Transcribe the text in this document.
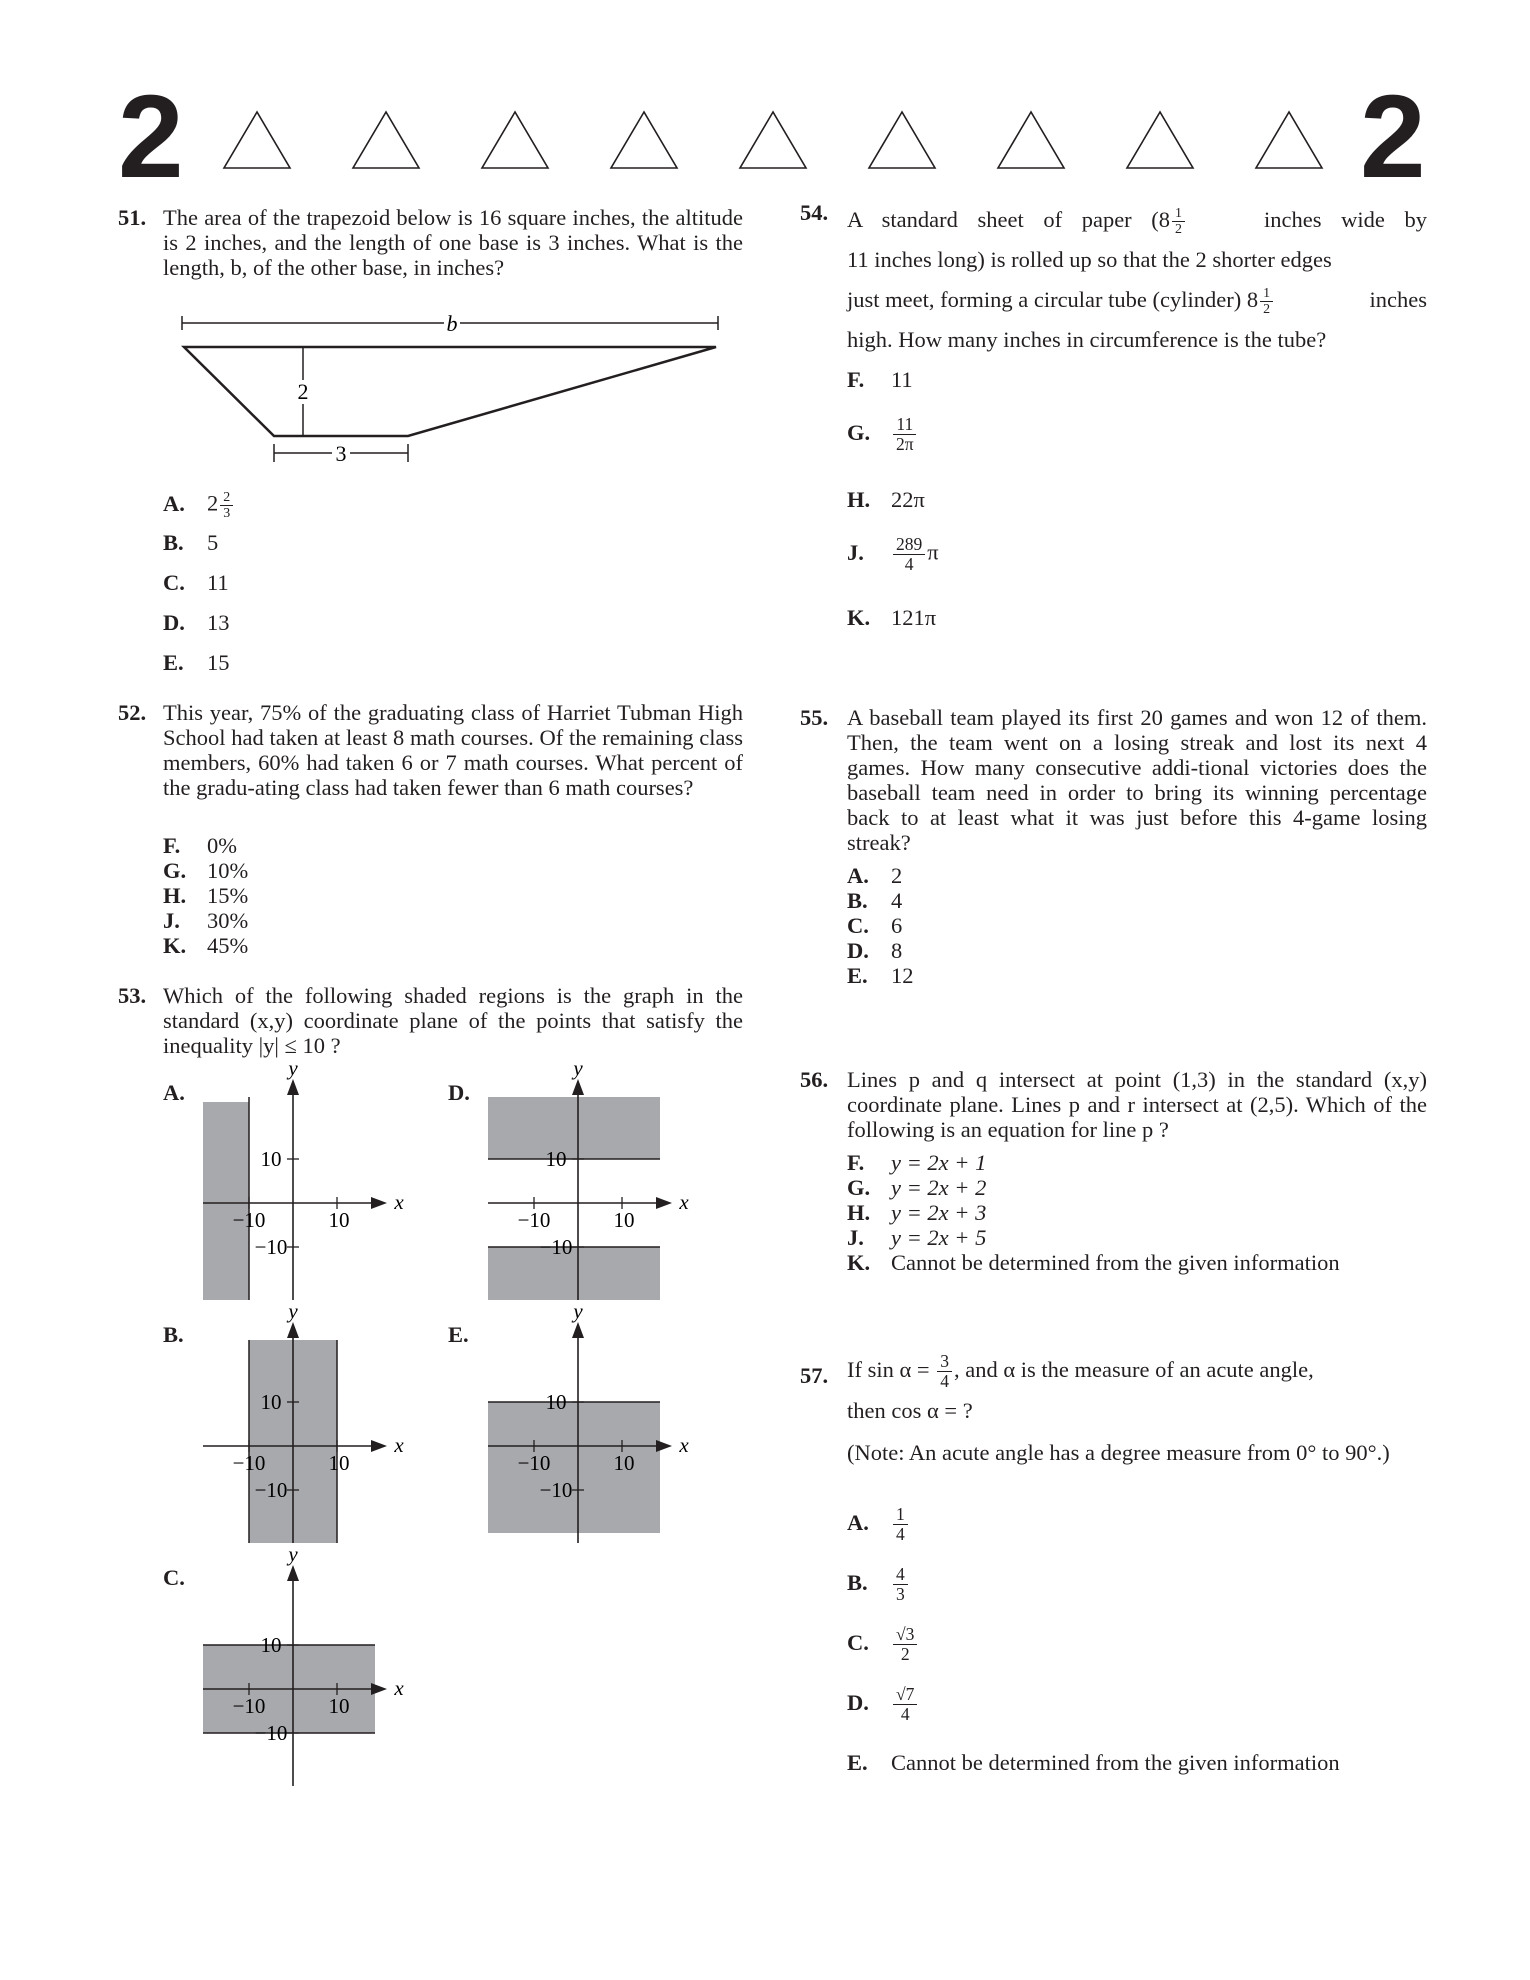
2	2
51. The area of the trapezoid below is 16 square inches, the altitude is 2 inches, and the length of one base is 3 inches. What is the length, b, of the other base, in inches?
b
2
3
A. $2 \frac{2}{3}$
B. 5
C. 11
D. 13
E. 15
52. This year, 75% of the graduating class of Harriet Tubman High School had taken at least 8 math courses. Of the remaining class members, 60% had taken 6 or 7 math courses. What percent of the gradu-ating class had taken fewer than 6 math courses?
F. 0%
G. 10%
H. 15%
J. 30%
K. 45%
53. Which of the following shaded regions is the graph in the standard (x,y) coordinate plane of the points that satisfy the inequality |y| ≤ 10 ?
A.	D.
B.	E.
C.
x
y
10
−10
−10	10
x
y
10
−10
−10	10
x
y
10
−10
−10	10
x
y
10
−10
−10	10
x
y
10
−10
−10	10
54. A standard sheet of paper ($8 \frac{1}{2}$	inches wide by
11 inches long) is rolled up so that the 2 shorter edges
just meet, forming a circular tube (cylinder) $8 \frac{1}{2}$	inches
high. How many inches in circumference is the tube?
F. 11
G. $\frac{11}{2\pi}$
H. 22π
J. $\frac{289}{4}$ π
K. 121π
55. A baseball team played its first 20 games and won 12 of them. Then, the team went on a losing streak and lost its next 4 games. How many consecutive addi-tional victories does the baseball team need in order to bring its winning percentage back to at least what it was just before this 4-game losing streak?
A. 2
B. 4
C. 6
D. 8
E. 12
56. Lines p and q intersect at point (1,3) in the standard (x,y) coordinate plane. Lines p and r intersect at (2,5). Which of the following is an equation for line p ?
F. y = 2x + 1
G. y = 2x + 2
H. y = 2x + 3
J. y = 2x + 5
K. Cannot be determined from the given information
57. If $\sin \alpha = \frac{3}{4}$ , and α is the measure of an acute angle,
then cos α = ?
(Note: An acute angle has a degree measure from 0° to 90°.)
A. $\frac{1}{4}$
B. $\frac{4}{3}$
C. $\frac{√3}{2}$
D. $\frac{√7}{4}$
E. Cannot be determined from the given information
